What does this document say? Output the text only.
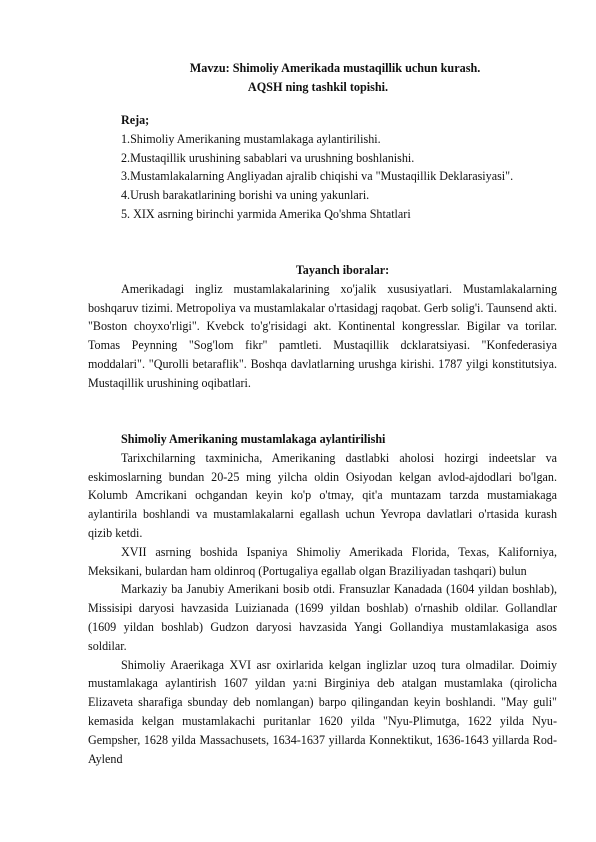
Mavzu: Shimoliy Amerikada mustaqillik uchun kurash.
AQSH ning tashkil topishi.

Reja;

1.Shimoliy Amerikaning mustamlakaga aylantirilishi.

2.Mustaqillik urushining sabablari va urushning boshlanishi.

3.Mustamlakalarning Angliyadan ajralib chiqishi va "Mustaqillik Deklarasiyasi".

4.Urush barakatlarining borishi va uning yakunlari.

5. XIX asrning birinchi yarmida Amerika Qo'shma Shtatlari

Tayanch iboralar:

Amerikadagi ingliz mustamlakalarining xo'jalik xususiyatlari. Mustamlakalarning boshqaruv tizimi. Metropoliya va mustamlakalar o'rtasidagj raqobat. Gerb solig'i. Taunsend akti. "Boston choyxo'rligi". Kvebck to'g'risidagi akt. Kontinental kongresslar. Bigilar va torilar. Tomas Peynning "Sog'lom fikr" pamtleti. Mustaqillik dcklaratsiyasi. "Konfederasiya moddalari". "Qurolli betaraflik". Boshqa davlatlarning urushga kirishi. 1787 yilgi konstitutsiya. Mustaqillik urushining oqibatlari.

Shimoliy Amerikaning mustamlakaga aylantirilishi

Tarixchilarning taxminicha, Amerikaning dastlabki aholosi hozirgi indeetslar va eskimoslarning bundan 20-25 ming yilcha oldin Osiyodan kelgan avlod-ajdodlari bo'lgan. Kolumb Amcrikani ochgandan keyin ko'p o'tmay, qit'a muntazam tarzda mustamiakaga aylantirila boshlandi va mustamlakalarni egallash uchun Yevropa davlatlari o'rtasida kurash qizib ketdi.

XVII asrning boshida Ispaniya Shimoliy Amerikada Florida, Texas, Kaliforniya, Meksikani, bulardan ham oldinroq (Portugaliya egallab olgan Braziliyadan tashqari) bulun

Markaziy ba Janubiy Amerikani bosib otdi. Fransuzlar Kanadada (1604 yildan boshlab), Missisipi daryosi havzasida Luizianada (1699 yildan boshlab) o'rnashib oldilar. Gollandlar (1609 yildan boshlab) Gudzon daryosi havzasida Yangi Gollandiya mustamlakasiga asos soldilar.

Shimoliy Araerikaga XVI asr oxirlarida kelgan inglizlar uzoq tura olmadilar. Doimiy mustamlakaga aylantirish 1607 yildan ya:ni Birginiya deb atalgan mustamlaka (qirolicha Elizaveta sharafiga sbunday deb nomlangan) barpo qilingandan keyin boshlandi. "May guli" kemasida kelgan mustamlakachi puritanlar 1620 yilda "Nyu-Plimutga, 1622 yilda Nyu-Gempsher, 1628 yilda Massachusets, 1634-1637 yillarda Konnektikut, 1636-1643 yillarda Rod-Aylend
